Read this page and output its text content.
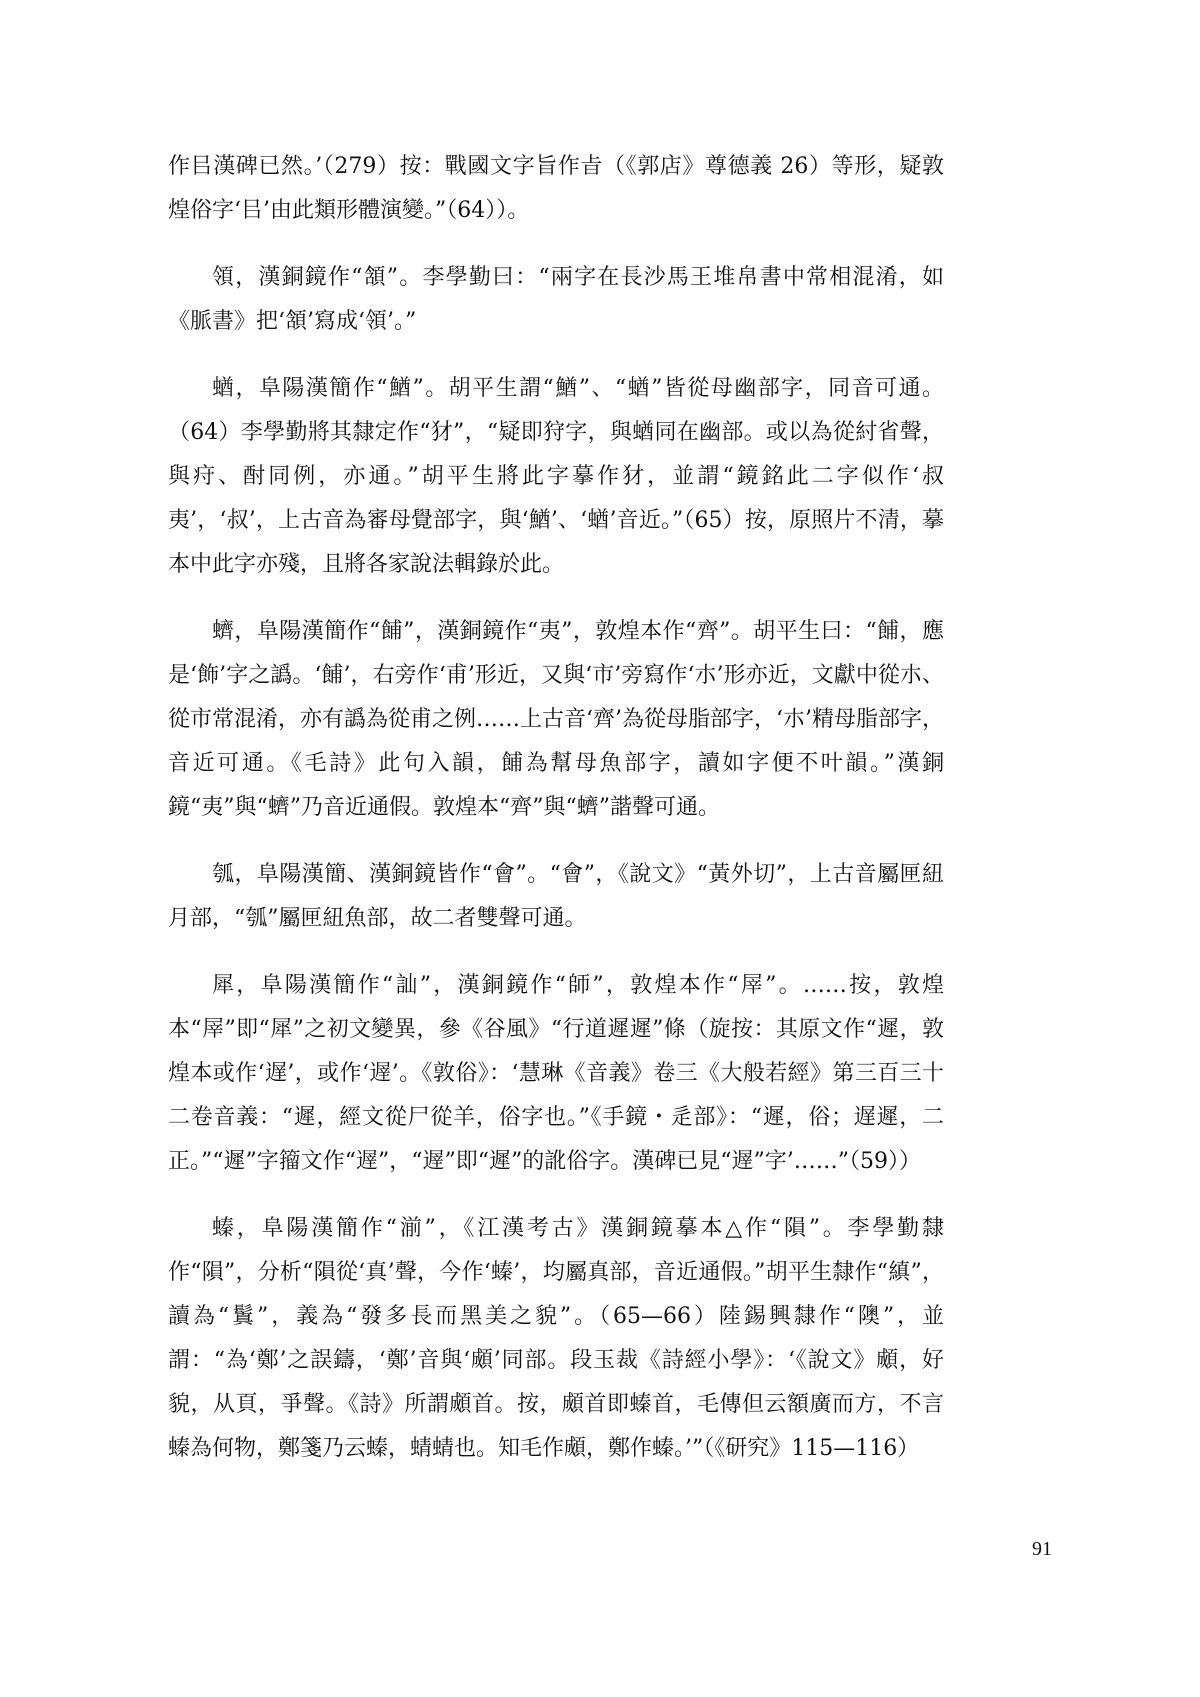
作㠯漢碑已然。’（279）按：戰國文字旨作㫖（《郭店》尊德義 26）等形，疑敦煌俗字‘㠯’由此類形體演變。”（64））。

領，漢銅鏡作“頷”。李學勤曰：“兩字在長沙馬王堆帛書中常相混淆，如《脈書》把‘頷’寫成‘領’。”

蝤，阜陽漢簡作“鰌”。胡平生謂“鰌”、“蝤”皆從母幽部字，同音可通。（64）李學勤將其隸定作“犲”，“疑即狩字，與蝤同在幽部。或以為從紂省聲，與疛、酎同例，亦通。”胡平生將此字摹作犲，並謂“鏡銘此二字似作‘叔夷’，‘叔’，上古音為審母覺部字，與‘鰌’、‘蝤’音近。”（65）按，原照片不清，摹本中此字亦殘，且將各家說法輯錄於此。

蠐，阜陽漢簡作“餔”，漢銅鏡作“夷”，敦煌本作“齊”。胡平生曰：“餔，應是‘飾’字之譌。‘餔’，右旁作‘甫’形近，又與‘市’旁寫作‘朩’形亦近，文獻中從朩、從市常混淆，亦有譌為從甫之例……上古音‘齊’為從母脂部字，‘朩’精母脂部字，音近可通。《毛詩》此句入韻，餔為幫母魚部字，讀如字便不叶韻。”漢銅鏡“夷”與“蠐”乃音近通假。敦煌本“齊”與“蠐”諧聲可通。

瓠，阜陽漢簡、漢銅鏡皆作“會”。“會”，《說文》“黃外切”，上古音屬匣紐月部，“瓠”屬匣紐魚部，故二者雙聲可通。

犀，阜陽漢簡作“訕”，漢銅鏡作“師”，敦煌本作“屖”。……按，敦煌本“屖”即“犀”之初文變異，參《谷風》“行道遲遲”條（旋按：其原文作“遲，敦煌本或作‘遅’，或作‘遟’。《敦俗》：‘慧琳《音義》卷三《大般若經》第三百三十二卷音義：“遲，經文從尸從羊，俗字也。”《手鏡・辵部》：“遲，俗；遅遲，二正。”“遲”字籀文作“遟”，“遟”即“遲”的訛俗字。漢碑已見“遟”字’……”（59））

螓，阜陽漢簡作“湔”，《江漢考古》漢銅鏡摹本△作“隕”。李學勤隸作“隕”，分析“隕從‘真’聲，今作‘螓’，均屬真部，音近通假。”胡平生隸作“縝”，讀為“鬒”，義為“發多長而黑美之貌”。（65—66）陸錫興隸作“隩”，並謂：“為‘鄭’之誤鑄，‘鄭’音與‘䫆’同部。段玉裁《詩經小學》：‘《說文》䫆，好貌，从頁，爭聲。《詩》所謂䫆首。按，䫆首即螓首，毛傳但云額廣而方，不言螓為何物，鄭箋乃云螓，蜻蜻也。知毛作䫆，鄭作螓。’”（《研究》115—116）

91
